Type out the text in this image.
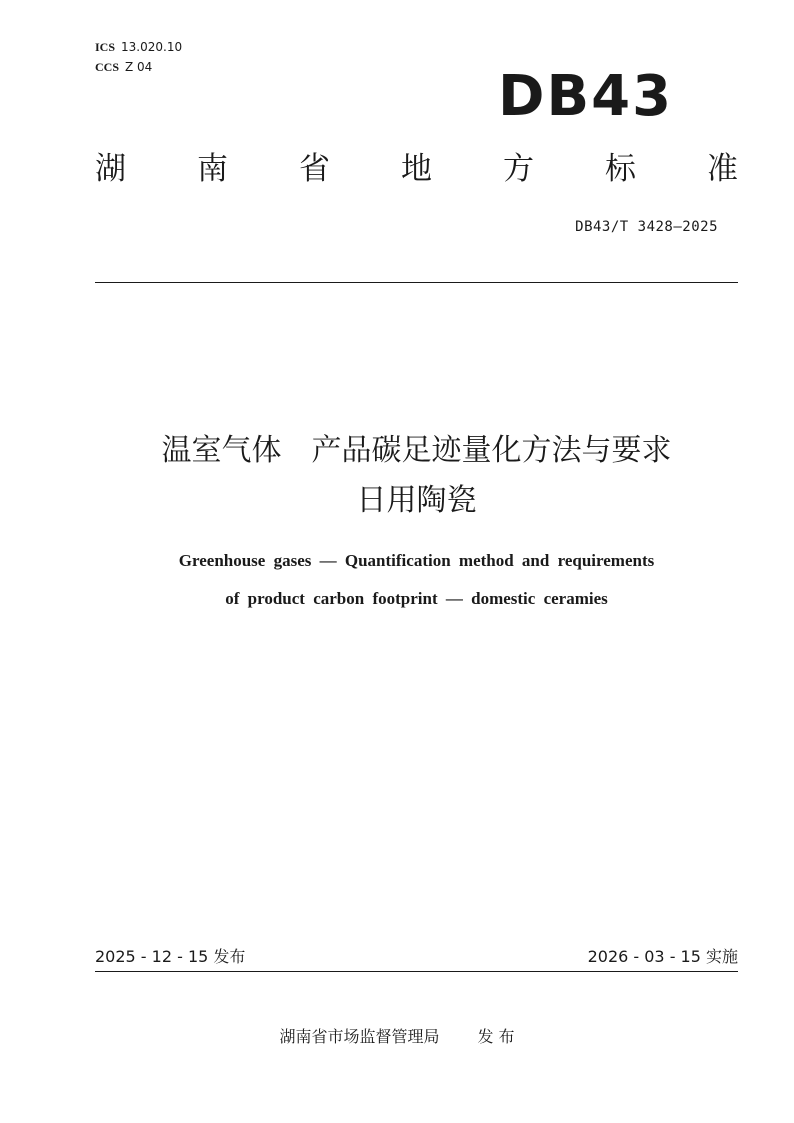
ICS 13.020.10
CCS Z 04	DB43
湖 南 省 地 方 标 准
DB43/T 3428—2025
温室气体　产品碳足迹量化方法与要求
日用陶瓷
Greenhouse gases — Quantification method and requirements
of product carbon footprint — domestic ceramies
2025 - 12 - 15 发布	2026 - 03 - 15 实施
湖南省市场监督管理局 发 布
